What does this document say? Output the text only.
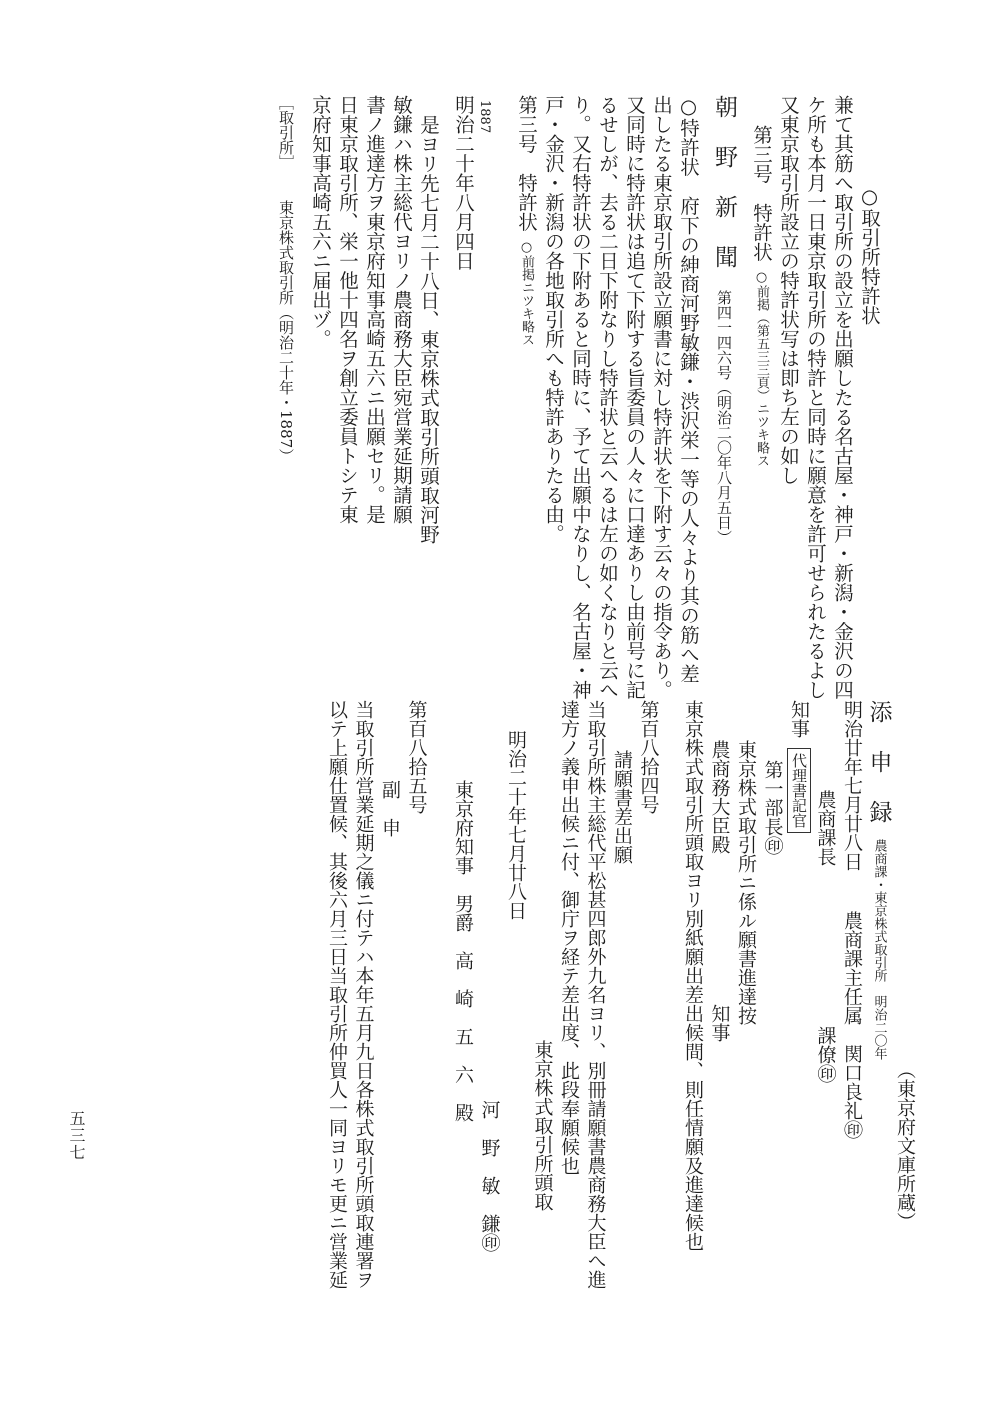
○取引所特許状
兼て其筋へ取引所の設立を出願したる名古屋・神戸・新潟・金沢の四
ケ所も本月一日東京取引所の特許と同時に願意を許可せられたるよし
又東京取引所設立の特許状写は即ち左の如し
第三号　特許状○前掲（第五三三頁）ニツキ略ス
朝　野　新　聞第四一四六号（明治二〇年八月五日）
○特許状　府下の紳商河野敏鎌・渋沢栄一等の人々より其の筋へ差
出したる東京取引所設立願書に対し特許状を下附す云々の指令あり。
又同時に特許状は追て下附する旨委員の人々に口達ありし由前号に記
るせしが、去る二日下附なりし特許状と云へるは左の如くなりと云へ
り。又右特許状の下附あると同時に、予て出願中なりし、名古屋・神
戸・金沢・新潟の各地取引所へも特許ありたる由。
第三号　特許状○前掲ニツキ略ス
1887
明治二十年八月四日
是ヨリ先七月二十八日、東京株式取引所頭取河野
敏鎌ハ株主総代ヨリノ農商務大臣宛営業延期請願
書ノ進達方ヲ東京府知事高崎五六ニ出願セリ。是
日東京取引所、栄一他十四名ヲ創立委員トシテ東
京府知事高崎五六ニ届出ヅ。
［取引所］東京株式取引所（明治二十年・1887）
（東京府文庫所蔵）
添　申　録農商課・東京株式取引所　明治二〇年
明治廿年七月廿八日農商課主任属　関口良礼㊞
農商課長課僚㊞
知事代理書記官
第一部長㊞
東京株式取引所ニ係ル願書進達按
農商務大臣殿知事
東京株式取引所頭取ヨリ別紙願出差出候間、則任情願及進達候也
第百八拾四号
請願書差出願
当取引所株主総代平松甚四郎外九名ヨリ、別冊請願書農商務大臣へ進
達方ノ義申出候ニ付、御庁ヲ経テ差出度、此段奉願候也
東京株式取引所頭取
明治二十年七月廿八日
河　野　敏　鎌㊞
東京府知事　男爵　高　崎　五　六　殿
第百八拾五号
副　申
当取引所営業延期之儀ニ付テハ本年五月九日各株式取引所頭取連署ヲ
以テ上願仕置候、其後六月三日当取引所仲買人一同ヨリモ更ニ営業延
五三七
